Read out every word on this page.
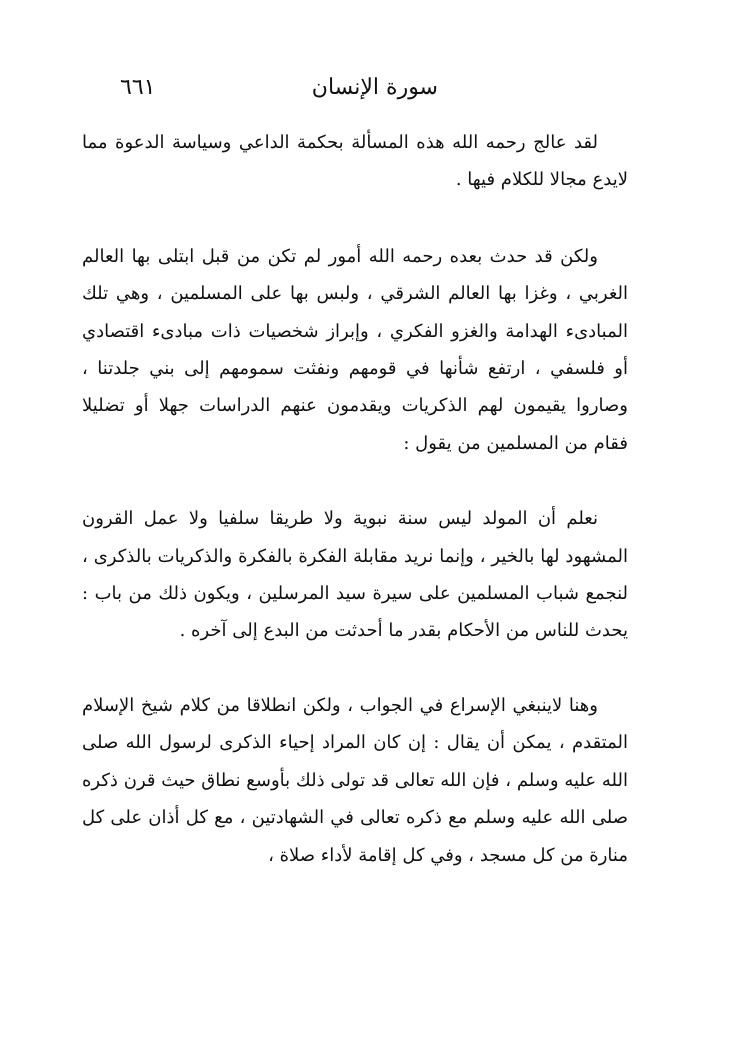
سورة الإنسان
٦٦١

لقد عالج رحمه الله هذه المسألة بحكمة الداعي وسياسة الدعوة مما لايدع مجالا للكلام فيها .

ولكن قد حدث بعده رحمه الله أمور لم تكن من قبل ابتلى بها العالم الغربي ، وغزا بها العالم الشرقي ، ولبس بها على المسلمين ، وهي تلك المبادىء الهدامة والغزو الفكري ، وإبراز شخصيات ذات مبادىء اقتصادي أو فلسفي ، ارتفع شأنها في قومهم ونفثت سمومهم إلى بني جلدتنا ، وصاروا يقيمون لهم الذكريات ويقدمون عنهم الدراسات جهلا أو تضليلا فقام من المسلمين من يقول :

نعلم أن المولد ليس سنة نبوية ولا طريقا سلفيا ولا عمل القرون المشهود لها بالخير ، وإنما نريد مقابلة الفكرة بالفكرة والذكريات بالذكرى ، لنجمع شباب المسلمين على سيرة سيد المرسلين ، ويكون ذلك من باب : يحدث للناس من الأحكام بقدر ما أحدثت من البدع إلى آخره .

وهنا لاينبغي الإسراع في الجواب ، ولكن انطلاقا من كلام شيخ الإسلام المتقدم ، يمكن أن يقال : إن كان المراد إحياء الذكرى لرسول الله صلى الله عليه وسلم ، فإن الله تعالى قد تولى ذلك بأوسع نطاق حيث قرن ذكره صلى الله عليه وسلم مع ذكره تعالى في الشهادتين ، مع كل أذان على كل منارة من كل مسجد ، وفي كل إقامة لأداء صلاة ،
